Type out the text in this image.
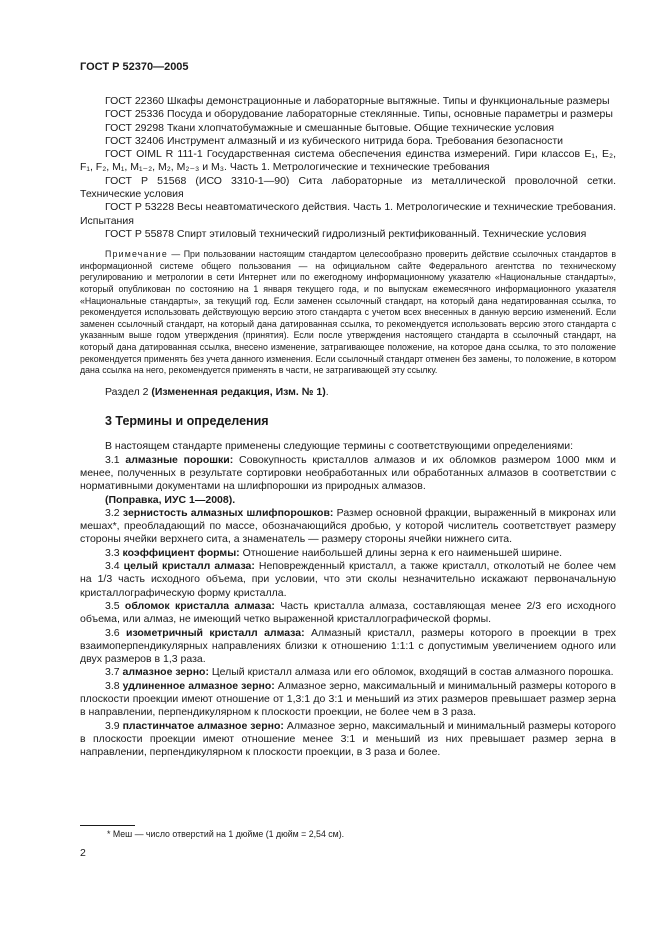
ГОСТ Р 52370—2005
ГОСТ 22360 Шкафы демонстрационные и лабораторные вытяжные. Типы и функциональные размеры
ГОСТ 25336 Посуда и оборудование лабораторные стеклянные. Типы, основные параметры и размеры
ГОСТ 29298 Ткани хлопчатобумажные и смешанные бытовые. Общие технические условия
ГОСТ 32406 Инструмент алмазный и из кубического нитрида бора. Требования безопасности
ГОСТ OIML R 111-1 Государственная система обеспечения единства измерений. Гири классов E₁, E₂, F₁, F₂, M₁, M₁₋₂, M₂, M₂₋₃ и M₃. Часть 1. Метрологические и технические требования
ГОСТ Р 51568 (ИСО 3310-1—90) Сита лабораторные из металлической проволочной сетки. Технические условия
ГОСТ Р 53228 Весы неавтоматического действия. Часть 1. Метрологические и технические требования. Испытания
ГОСТ Р 55878 Спирт этиловый технический гидролизный ректификованный. Технические условия
Примечание — При пользовании настоящим стандартом целесообразно проверить действие ссылочных стандартов в информационной системе общего пользования — на официальном сайте Федерального агентства по техническому регулированию и метрологии в сети Интернет или по ежегодному информационному указателю «Национальные стандарты», который опубликован по состоянию на 1 января текущего года, и по выпускам ежемесячного информационного указателя «Национальные стандарты», за текущий год. Если заменен ссылочный стандарт, на который дана недатированная ссылка, то рекомендуется использовать действующую версию этого стандарта с учетом всех внесенных в данную версию изменений. Если заменен ссылочный стандарт, на который дана датированная ссылка, то рекомендуется использовать версию этого стандарта с указанным выше годом утверждения (принятия). Если после утверждения настоящего стандарта в ссылочный стандарт, на который дана датированная ссылка, внесено изменение, затрагивающее положение, на которое дана ссылка, то это положение рекомендуется применять без учета данного изменения. Если ссылочный стандарт отменен без замены, то положение, в котором дана ссылка на него, рекомендуется применять в части, не затрагивающей эту ссылку.
Раздел 2 (Измененная редакция, Изм. № 1).
3 Термины и определения
В настоящем стандарте применены следующие термины с соответствующими определениями:
3.1 алмазные порошки: Совокупность кристаллов алмазов и их обломков размером 1000 мкм и менее, полученных в результате сортировки необработанных или обработанных алмазов в соответствии с нормативными документами на шлифпорошки из природных алмазов.
(Поправка, ИУС 1—2008).
3.2 зернистость алмазных шлифпорошков: Размер основной фракции, выраженный в микронах или мешах*, преобладающий по массе, обозначающийся дробью, у которой числитель соответствует размеру стороны ячейки верхнего сита, а знаменатель — размеру стороны ячейки нижнего сита.
3.3 коэффициент формы: Отношение наибольшей длины зерна к его наименьшей ширине.
3.4 целый кристалл алмаза: Неповрежденный кристалл, а также кристалл, отколотый не более чем на 1/3 часть исходного объема, при условии, что эти сколы незначительно искажают первоначальную кристаллографическую форму кристалла.
3.5 обломок кристалла алмаза: Часть кристалла алмаза, составляющая менее 2/3 его исходного объема, или алмаз, не имеющий четко выраженной кристаллографической формы.
3.6 изометричный кристалл алмаза: Алмазный кристалл, размеры которого в проекции в трех взаимоперпендикулярных направлениях близки к отношению 1:1:1 с допустимым увеличением одного или двух размеров в 1,3 раза.
3.7 алмазное зерно: Целый кристалл алмаза или его обломок, входящий в состав алмазного порошка.
3.8 удлиненное алмазное зерно: Алмазное зерно, максимальный и минимальный размеры которого в плоскости проекции имеют отношение от 1,3:1 до 3:1 и меньший из этих размеров превышает размер зерна в направлении, перпендикулярном к плоскости проекции, не более чем в 3 раза.
3.9 пластинчатое алмазное зерно: Алмазное зерно, максимальный и минимальный размеры которого в плоскости проекции имеют отношение менее 3:1 и меньший из них превышает размер зерна в направлении, перпендикулярном к плоскости проекции, в 3 раза и более.
* Меш — число отверстий на 1 дюйме (1 дюйм = 2,54 см).
2
